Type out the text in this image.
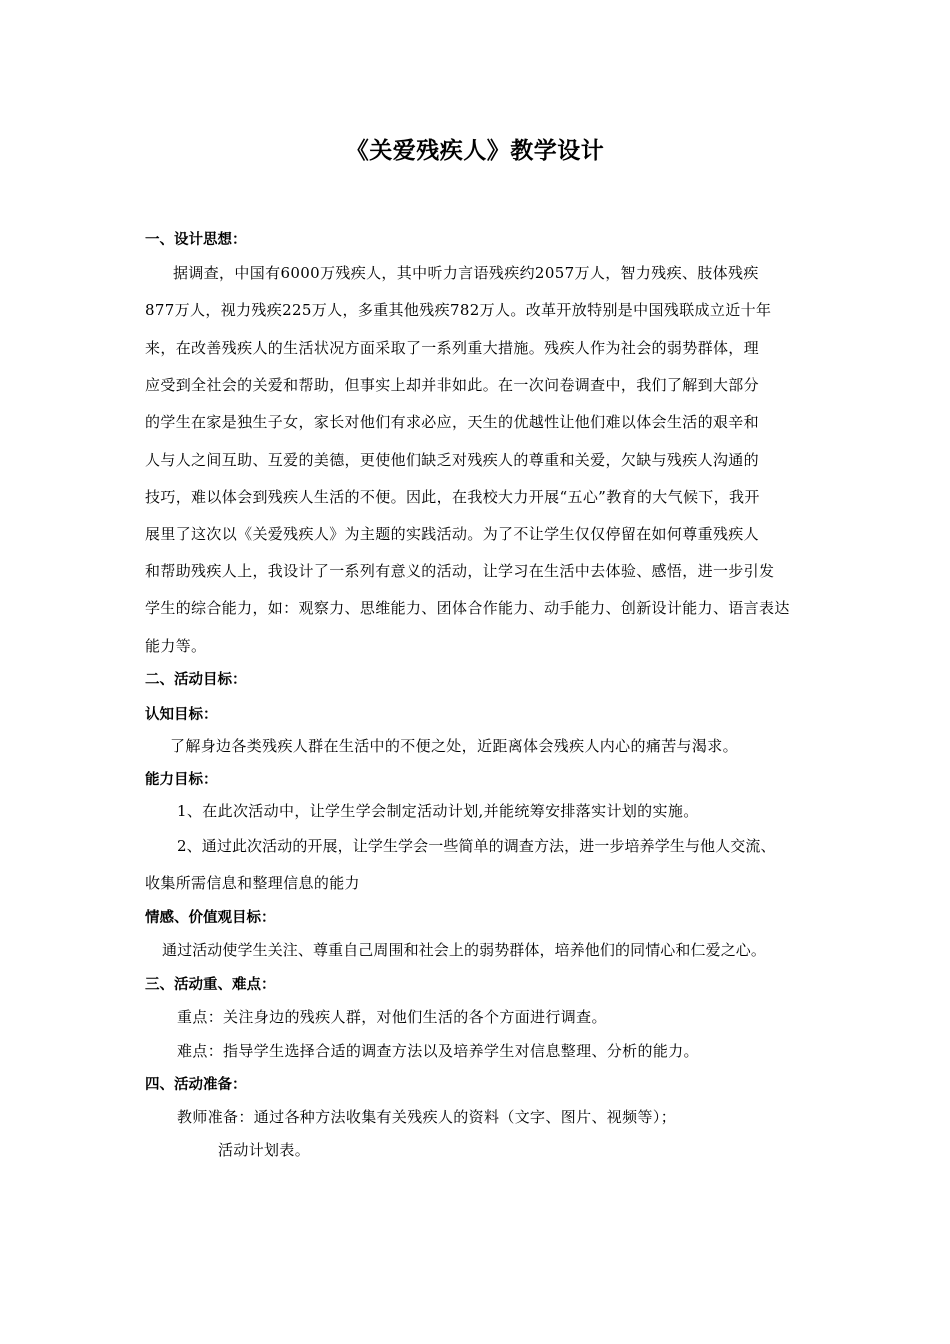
《关爱残疾人》教学设计
一、设计思想：
据调查，中国有6000万残疾人，其中听力言语残疾约2057万人，智力残疾、肢体残疾
877万人，视力残疾225万人，多重其他残疾782万人。改革开放特别是中国残联成立近十年
来，在改善残疾人的生活状况方面采取了一系列重大措施。残疾人作为社会的弱势群体，理
应受到全社会的关爱和帮助，但事实上却并非如此。在一次问卷调查中，我们了解到大部分
的学生在家是独生子女，家长对他们有求必应，天生的优越性让他们难以体会生活的艰辛和
人与人之间互助、互爱的美德，更使他们缺乏对残疾人的尊重和关爱，欠缺与残疾人沟通的
技巧，难以体会到残疾人生活的不便。因此，在我校大力开展“五心”教育的大气候下，我开
展里了这次以《关爱残疾人》为主题的实践活动。为了不让学生仅仅停留在如何尊重残疾人
和帮助残疾人上，我设计了一系列有意义的活动，让学习在生活中去体验、感悟，进一步引发
学生的综合能力，如：观察力、思维能力、团体合作能力、动手能力、创新设计能力、语言表达
能力等。
二、活动目标：
认知目标：
了解身边各类残疾人群在生活中的不便之处，近距离体会残疾人内心的痛苦与渴求。
能力目标：
1、在此次活动中，让学生学会制定活动计划,并能统筹安排落实计划的实施。
2、通过此次活动的开展，让学生学会一些简单的调查方法，进一步培养学生与他人交流、
收集所需信息和整理信息的能力
情感、价值观目标：
通过活动使学生关注、尊重自己周围和社会上的弱势群体，培养他们的同情心和仁爱之心。
三、活动重、难点：
重点：关注身边的残疾人群，对他们生活的各个方面进行调查。
难点：指导学生选择合适的调查方法以及培养学生对信息整理、分析的能力。
四、活动准备：
教师准备：通过各种方法收集有关残疾人的资料（文字、图片、视频等）；
活动计划表。
